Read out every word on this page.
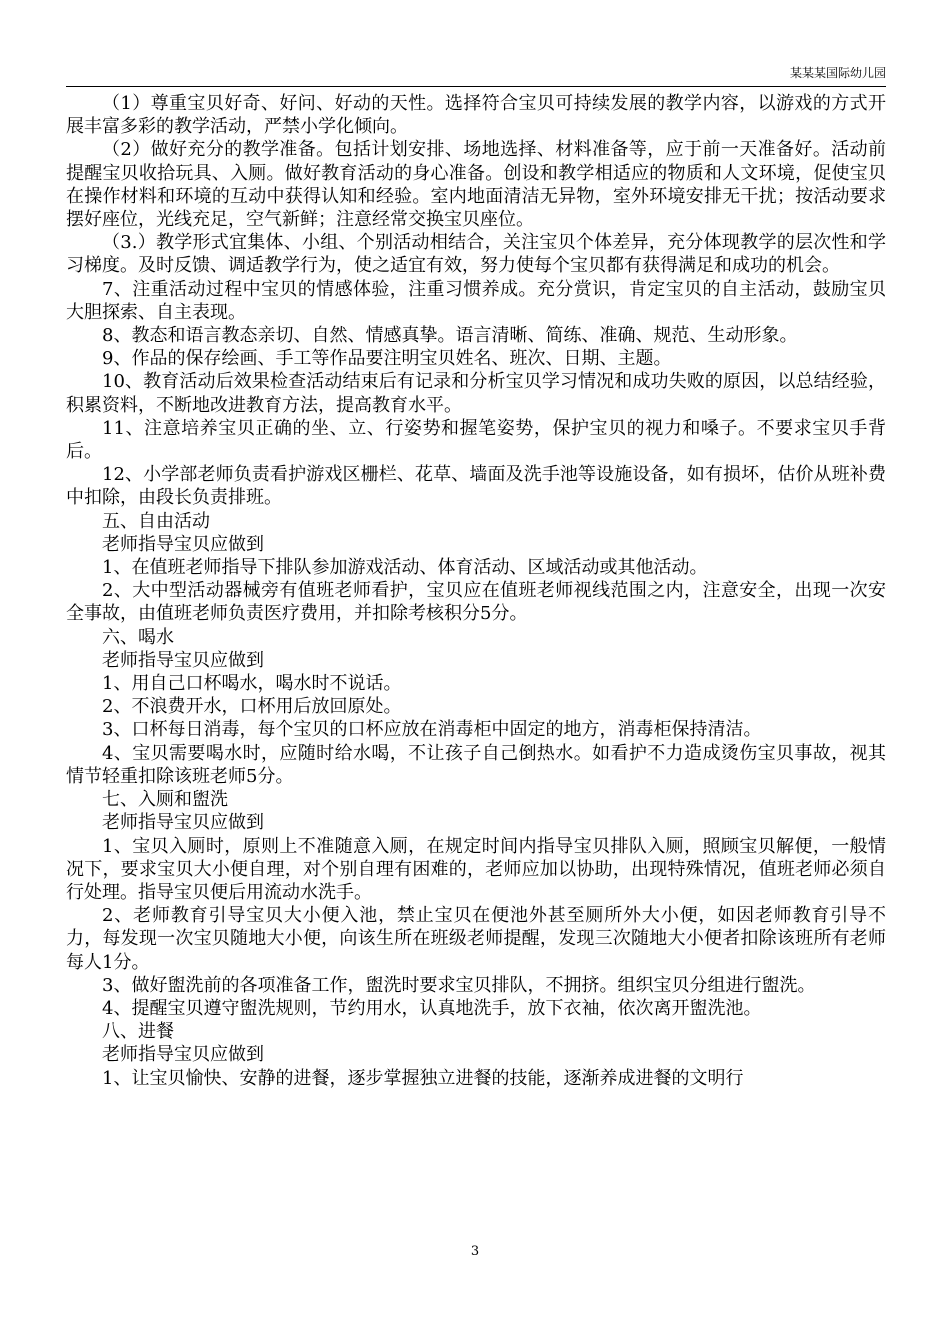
某某某国际幼儿园

（1）尊重宝贝好奇、好问、好动的天性。选择符合宝贝可持续发展的教学内容，以游戏的方式开展丰富多彩的教学活动，严禁小学化倾向。

（2）做好充分的教学准备。包括计划安排、场地选择、材料准备等，应于前一天准备好。活动前提醒宝贝收拾玩具、入厕。做好教育活动的身心准备。创设和教学相适应的物质和人文环境，促使宝贝在操作材料和环境的互动中获得认知和经验。室内地面清洁无异物，室外环境安排无干扰；按活动要求摆好座位，光线充足，空气新鲜；注意经常交换宝贝座位。

（3.）教学形式宜集体、小组、个别活动相结合，关注宝贝个体差异，充分体现教学的层次性和学习梯度。及时反馈、调适教学行为，使之适宜有效，努力使每个宝贝都有获得满足和成功的机会。

7、注重活动过程中宝贝的情感体验，注重习惯养成。充分赏识，肯定宝贝的自主活动，鼓励宝贝大胆探索、自主表现。

8、教态和语言教态亲切、自然、情感真挚。语言清晰、简练、准确、规范、生动形象。

9、作品的保存绘画、手工等作品要注明宝贝姓名、班次、日期、主题。

10、教育活动后效果检查活动结束后有记录和分析宝贝学习情况和成功失败的原因，以总结经验，积累资料，不断地改进教育方法，提高教育水平。

11、注意培养宝贝正确的坐、立、行姿势和握笔姿势，保护宝贝的视力和嗓子。不要求宝贝手背后。

12、小学部老师负责看护游戏区栅栏、花草、墙面及洗手池等设施设备，如有损坏，估价从班补费中扣除，由段长负责排班。

五、自由活动

老师指导宝贝应做到

1、在值班老师指导下排队参加游戏活动、体育活动、区域活动或其他活动。

2、大中型活动器械旁有值班老师看护，宝贝应在值班老师视线范围之内，注意安全，出现一次安全事故，由值班老师负责医疗费用，并扣除考核积分5分。

六、喝水

老师指导宝贝应做到

1、用自己口杯喝水，喝水时不说话。

2、不浪费开水，口杯用后放回原处。

3、口杯每日消毒，每个宝贝的口杯应放在消毒柜中固定的地方，消毒柜保持清洁。

4、宝贝需要喝水时，应随时给水喝，不让孩子自己倒热水。如看护不力造成烫伤宝贝事故，视其情节轻重扣除该班老师5分。

七、入厕和盥洗

老师指导宝贝应做到

1、宝贝入厕时，原则上不准随意入厕，在规定时间内指导宝贝排队入厕，照顾宝贝解便，一般情况下，要求宝贝大小便自理，对个别自理有困难的，老师应加以协助，出现特殊情况，值班老师必须自行处理。指导宝贝便后用流动水洗手。

2、老师教育引导宝贝大小便入池，禁止宝贝在便池外甚至厕所外大小便，如因老师教育引导不力，每发现一次宝贝随地大小便，向该生所在班级老师提醒，发现三次随地大小便者扣除该班所有老师每人1分。

3、做好盥洗前的各项准备工作，盥洗时要求宝贝排队，不拥挤。组织宝贝分组进行盥洗。

4、提醒宝贝遵守盥洗规则，节约用水，认真地洗手，放下衣袖，依次离开盥洗池。

八、进餐

老师指导宝贝应做到

1、让宝贝愉快、安静的进餐，逐步掌握独立进餐的技能，逐渐养成进餐的文明行

3
